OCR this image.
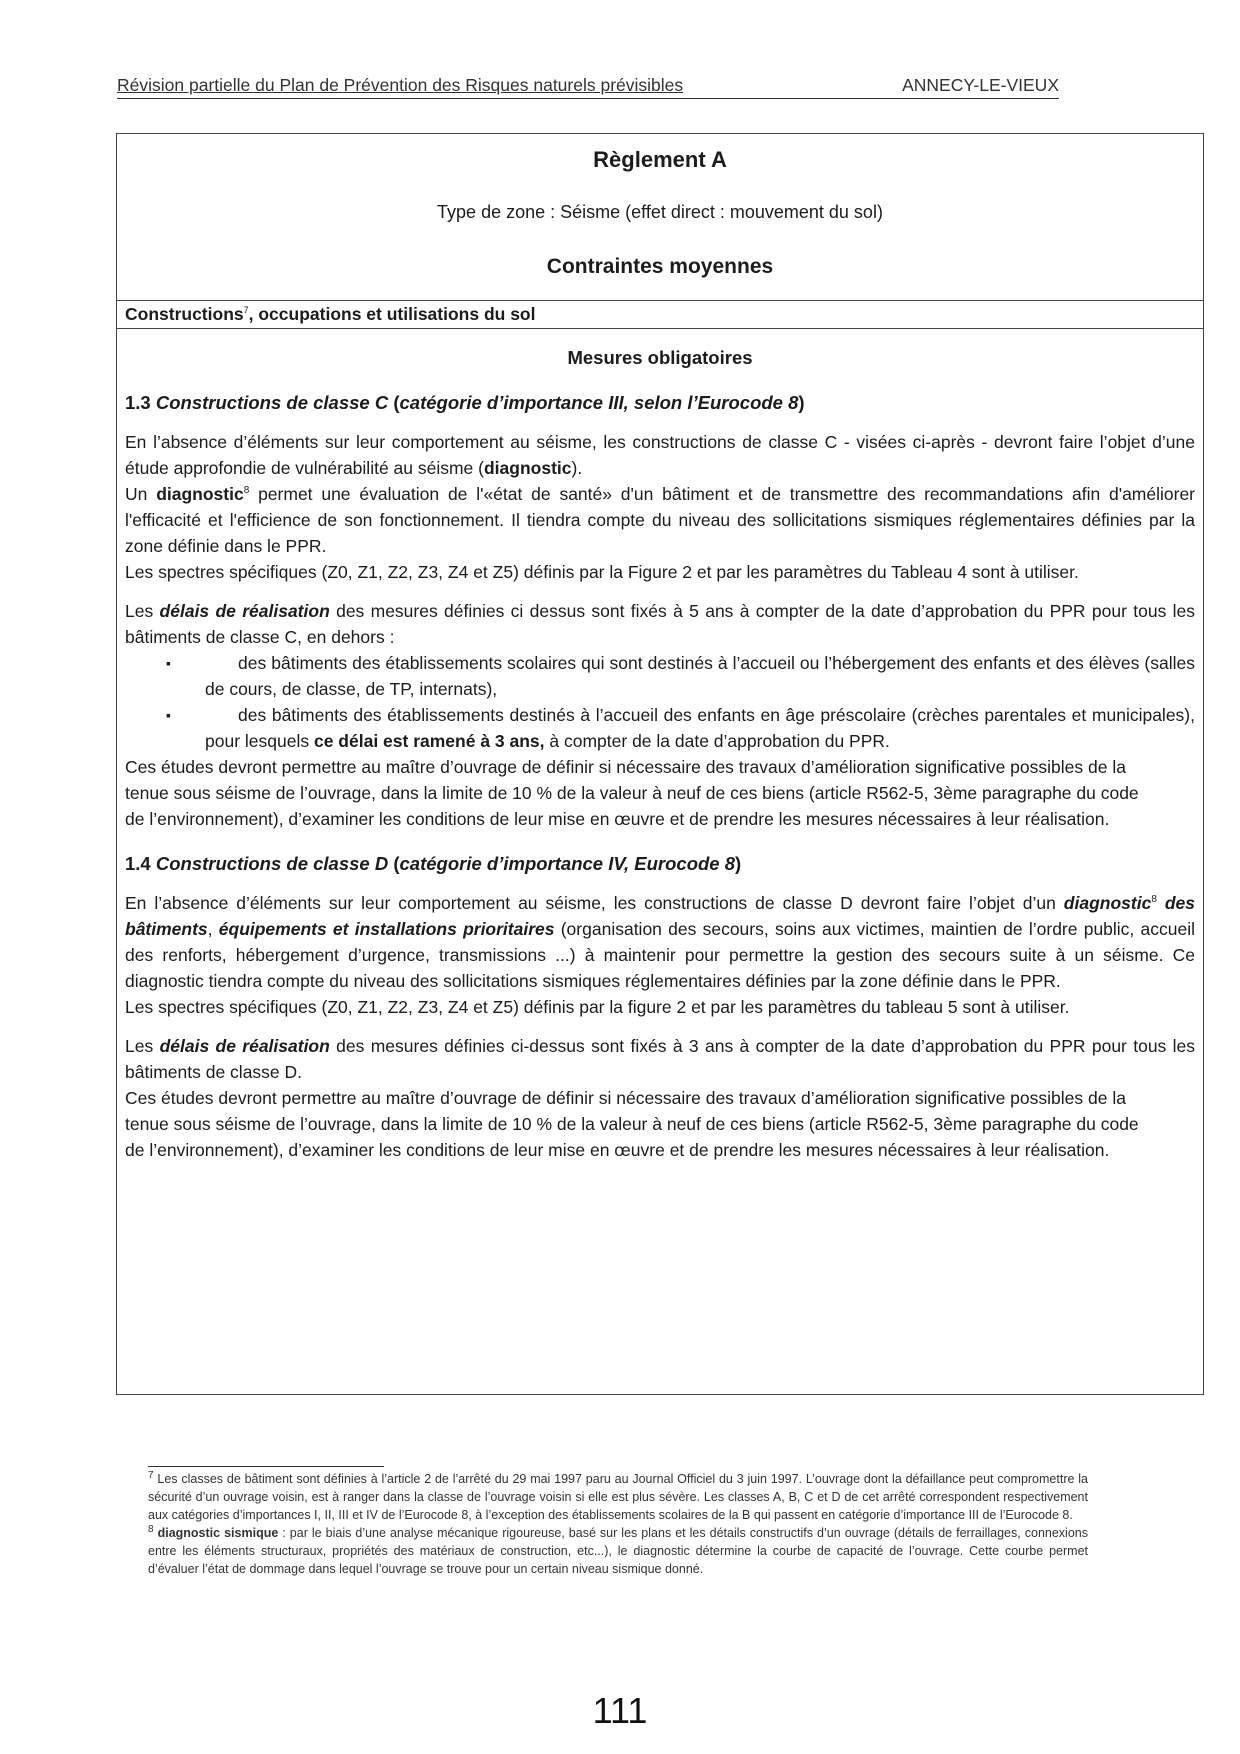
Révision partielle du Plan de Prévention des Risques naturels prévisibles	ANNECY-LE-VIEUX
Règlement A
Type de zone : Séisme (effet direct : mouvement du sol)
Contraintes moyennes
Constructions$^7$, occupations et utilisations du sol
Mesures obligatoires
1.3 Constructions de classe C (catégorie d’importance III, selon l’Eurocode 8)

En l’absence d’éléments sur leur comportement au séisme, les constructions de classe C - visées ci-après - devront faire l’objet d’une étude approfondie de vulnérabilité au séisme (diagnostic).

Un diagnostic$^8$ permet une évaluation de l'«état de santé» d'un bâtiment et de transmettre des recommandations afin d'améliorer l'efficacité et l'efficience de son fonctionnement. Il tiendra compte du niveau des sollicitations sismiques réglementaires définies par la zone définie dans le PPR.

Les spectres spécifiques (Z0, Z1, Z2, Z3, Z4 et Z5) définis par la Figure 2 et par les paramètres du Tableau 4 sont à utiliser.

Les délais de réalisation des mesures définies ci dessus sont fixés à 5 ans à compter de la date d’approbation du PPR pour tous les bâtiments de classe C, en dehors :

▪ des bâtiments des établissements scolaires qui sont destinés à l’accueil ou l’hébergement des enfants et des élèves (salles de cours, de classe, de TP, internats),
▪ des bâtiments des établissements destinés à l’accueil des enfants en âge préscolaire (crèches parentales et municipales), pour lesquels ce délai est ramené à 3 ans, à compter de la date d’approbation du PPR.

Ces études devront permettre au maître d’ouvrage de définir si nécessaire des travaux d’amélioration significative possibles de la tenue sous séisme de l’ouvrage, dans la limite de 10 % de la valeur à neuf de ces biens (article R562-5, 3ème paragraphe du code de l’environnement), d’examiner les conditions de leur mise en œuvre et de prendre les mesures nécessaires à leur réalisation.

1.4 Constructions de classe D (catégorie d’importance IV, Eurocode 8)

En l’absence d’éléments sur leur comportement au séisme, les constructions de classe D devront faire l’objet d’un diagnostic$^8$ des bâtiments, équipements et installations prioritaires (organisation des secours, soins aux victimes, maintien de l’ordre public, accueil des renforts, hébergement d’urgence, transmissions ...) à maintenir pour permettre la gestion des secours suite à un séisme. Ce diagnostic tiendra compte du niveau des sollicitations sismiques réglementaires définies par la zone définie dans le PPR.

Les spectres spécifiques (Z0, Z1, Z2, Z3, Z4 et Z5) définis par la figure 2 et par les paramètres du tableau 5 sont à utiliser.

Les délais de réalisation des mesures définies ci-dessus sont fixés à 3 ans à compter de la date d’approbation du PPR pour tous les bâtiments de classe D.

Ces études devront permettre au maître d’ouvrage de définir si nécessaire des travaux d’amélioration significative possibles de la tenue sous séisme de l’ouvrage, dans la limite de 10 % de la valeur à neuf de ces biens (article R562-5, 3ème paragraphe du code de l’environnement), d’examiner les conditions de leur mise en œuvre et de prendre les mesures nécessaires à leur réalisation.

$^7$ Les classes de bâtiment sont définies à l’article 2 de l’arrêté du 29 mai 1997 paru au Journal Officiel du 3 juin 1997. L’ouvrage dont la défaillance peut compromettre la sécurité d’un ouvrage voisin, est à ranger dans la classe de l’ouvrage voisin si elle est plus sévère. Les classes A, B, C et D de cet arrêté correspondent respectivement aux catégories d’importances I, II, III et IV de l’Eurocode 8, à l’exception des établissements scolaires de la B qui passent en catégorie d’importance III de l’Eurocode 8.

$^8$ diagnostic sismique : par le biais d’une analyse mécanique rigoureuse, basé sur les plans et les détails constructifs d’un ouvrage (détails de ferraillages, connexions entre les éléments structuraux, propriétés des matériaux de construction, etc...), le diagnostic détermine la courbe de capacité de l’ouvrage. Cette courbe permet d’évaluer l’état de dommage dans lequel l’ouvrage se trouve pour un certain niveau sismique donné.

111
